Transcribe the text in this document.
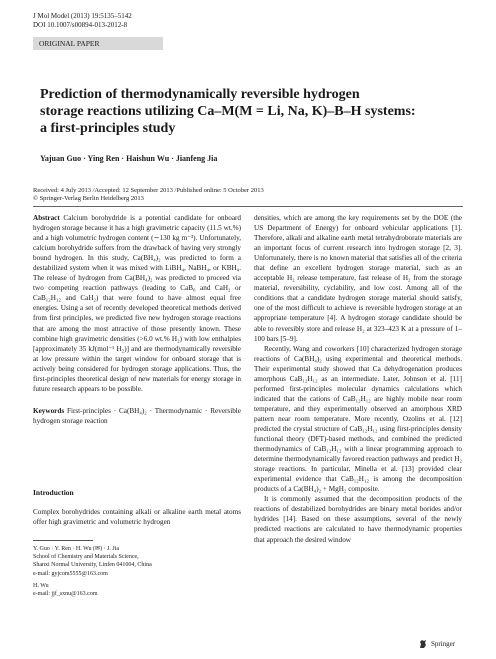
J Mol Model (2013) 19:5135–5142
DOI 10.1007/s00894-013-2012-8
ORIGINAL PAPER
Prediction of thermodynamically reversible hydrogen
storage reactions utilizing Ca–M(M = Li, Na, K)–B–H systems:
a first-principles study
Yajuan Guo · Ying Ren · Haishun Wu · Jianfeng Jia
Received: 4 July 2013 /Accepted: 12 September 2013 /Published online: 5 October 2013
© Springer-Verlag Berlin Heidelberg 2013

Abstract Calcium borohydride is a potential candidate for onboard hydrogen storage because it has a high gravimetric capacity (11.5 wt.%) and a high volumetric hydrogen content (∼130 kg m⁻³). Unfortunately, calcium borohydride suffers from the drawback of having very strongly bound hydrogen. In this study, Ca(BH₄)₂ was predicted to form a destabilized system when it was mixed with LiBH₄, NaBH₄, or KBH₄. The release of hydrogen from Ca(BH₄)₂ was predicted to proceed via two competing reaction pathways (leading to CaB₆ and CaH₂ or CaB₁₂H₁₂ and CaH₂) that were found to have almost equal free energies. Using a set of recently developed theoretical methods derived from first principles, we predicted five new hydrogen storage reactions that are among the most attractive of those presently known. These combine high gravimetric densities (>6.0 wt.% H₂) with low enthalpies [approximately 35 kJ(mol⁻¹ H₂)] and are thermodynamically reversible at low pressure within the target window for onboard storage that is actively being considered for hydrogen storage applications. Thus, the first-principles theoretical design of new materials for energy storage in future research appears to be possible.

Keywords First-principles · Ca(BH₄)₂ · Thermodynamic · Reversible hydrogen storage reaction

Introduction

Complex borohydrides containing alkali or alkaline earth metal atoms offer high gravimetric and volumetric hydrogen

Y. Guo · Y. Ren · H. Wu (✉) · J. Jia
School of Chemistry and Materials Science,
Shanxi Normal University, Linfen 041004, China
e-mail: gyjcom5555@163.com
H. Wu
e-mail: jjf_sxnu@163.com

densities, which are among the key requirements set by the DOE (the US Department of Energy) for onboard vehicular applications [1]. Therefore, alkali and alkaline earth metal tetrahydroborate materials are an important focus of current research into hydrogen storage [2, 3]. Unfortunately, there is no known material that satisfies all of the criteria that define an excellent hydrogen storage material, such as an acceptable H₂ release temperature, fast release of H₂ from the storage material, reversibility, cyclability, and low cost. Among all of the conditions that a candidate hydrogen storage material should satisfy, one of the most difficult to achieve is reversible hydrogen storage at an appropriate temperature [4]. A hydrogen storage candidate should be able to reversibly store and release H₂ at 323–423 K at a pressure of 1–100 bars [5–9].

Recently, Wang and coworkers [10] characterized hydrogen storage reactions of Ca(BH₄)₂ using experimental and theoretical methods. Their experimental study showed that Ca dehydrogenation produces amorphous CaB₁₂H₁₂ as an intermediate. Later, Johnson et al. [11] performed first-principles molecular dynamics calculations which indicated that the cations of CaB₁₂H₁₂ are highly mobile near room temperature, and they experimentally observed an amorphous XRD pattern near room temperature. More recently, Ozolins et al. [12] predicted the crystal structure of CaB₁₂H₁₂ using first-principles density functional theory (DFT)-based methods, and combined the predicted thermodynamics of CaB₁₂H₁₂ with a linear programming approach to determine thermodynamically favored reaction pathways and predict H₂ storage reactions. In particular, Minella et al. [13] provided clear experimental evidence that CaB₁₂H₁₂ is among the decomposition products of a Ca(BH₄)₂ + MgH₂ composite.

It is commonly assumed that the decomposition products of the reactions of destabilized borohydrides are binary metal borides and/or hydrides [14]. Based on these assumptions, several of the newly predicted reactions are calculated to have thermodynamic properties that approach the desired window

Springer
